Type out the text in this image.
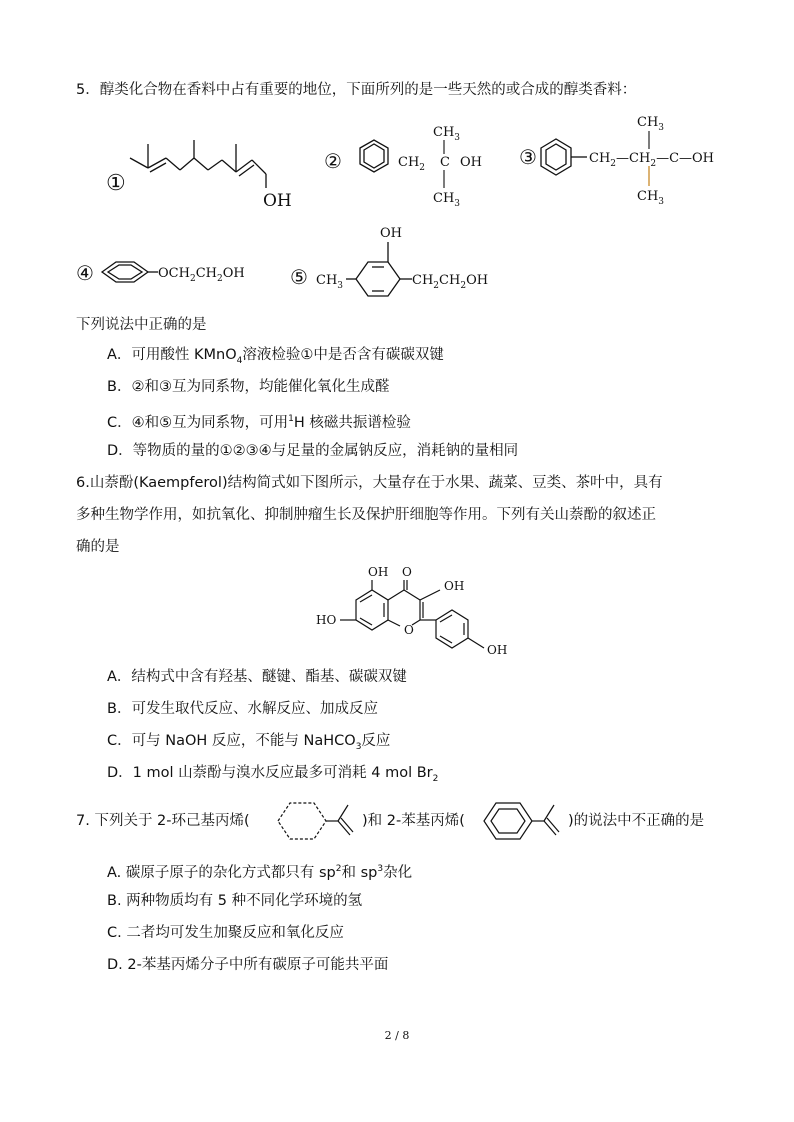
5．醇类化合物在香料中占有重要的地位，下面所列的是一些天然的或合成的醇类香料：
①
OH
②	$CH_2$ C OH
$CH_3$
$CH_3$
③	$CH_2—CH_2—C—OH$
$CH_3$
$CH_3$
④	$OCH_2CH_2OH$ ⑤ $CH_3$
OH
$CH_2CH_2OH$
下列说法中正确的是
A．可用酸性 KMnO$_4$溶液检验①中是否含有碳碳双键
B．②和③互为同系物，均能催化氧化生成醛
C．④和⑤互为同系物，可用$^1$H 核磁共振谱检验
D．等物质的量的①②③④与足量的金属钠反应，消耗钠的量相同
6.山萘酚(Kaempferol)结构简式如下图所示，大量存在于水果、蔬菜、豆类、茶叶中，具有
多种生物学作用，如抗氧化、抑制肿瘤生长及保护肝细胞等作用。下列有关山萘酚的叙述正
确的是
OH O
OH
HO
O
OH
A．结构式中含有羟基、醚键、酯基、碳碳双键
B．可发生取代反应、水解反应、加成反应
C．可与 NaOH 反应，不能与 NaHCO$_3$反应
D．1 mol 山萘酚与溴水反应最多可消耗 4 mol $Br_2$
7. 下列关于 2-环己基丙烯(	)和 2-苯基丙烯(	)的说法中不正确的是
A. 碳原子原子的杂化方式都只有 $sp^2$和 $sp^3$杂化
B. 两种物质均有 5 种不同化学环境的氢
C. 二者均可发生加聚反应和氧化反应
D. 2-苯基丙烯分子中所有碳原子可能共平面
2 / 8
